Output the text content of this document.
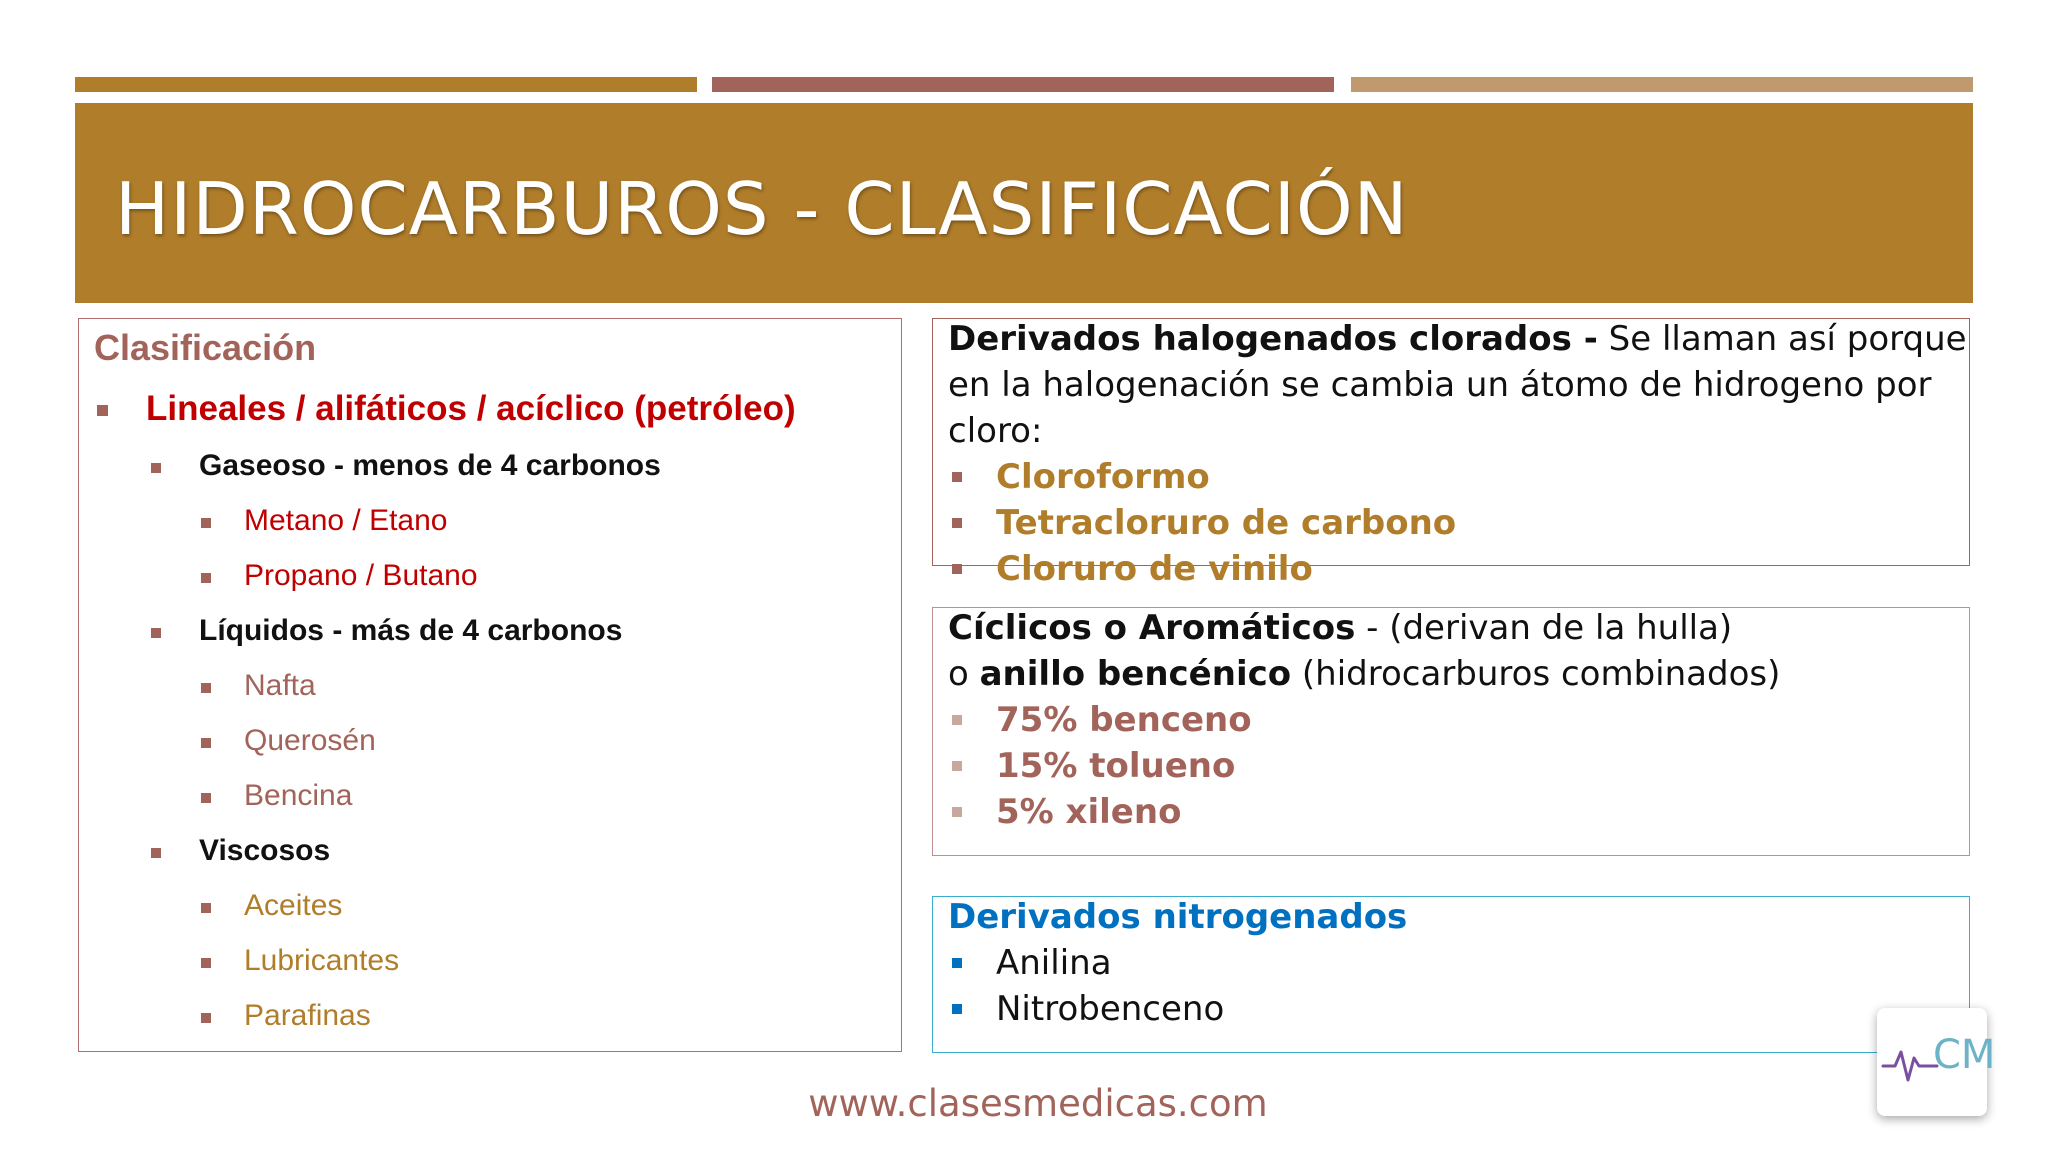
HIDROCARBUROS - CLASIFICACIÓN
Clasificación
Lineales / alifáticos / acíclico (petróleo)
Gaseoso - menos de 4 carbonos
Metano / Etano
Propano / Butano
Líquidos - más de 4 carbonos
Nafta
Querosén
Bencina
Viscosos
Aceites
Lubricantes
Parafinas
Derivados halogenados clorados - Se llaman así porque
en la halogenación se cambia un átomo de hidrogeno por
cloro:
Cloroformo
Tetracloruro de carbono
Cloruro de vinilo
Cíclicos o Aromáticos - (derivan de la hulla)
o anillo bencénico (hidrocarburos combinados)
75% benceno
15% tolueno
5% xileno
Derivados nitrogenados
Anilina
Nitrobenceno
www.clasesmedicas.com
CM
